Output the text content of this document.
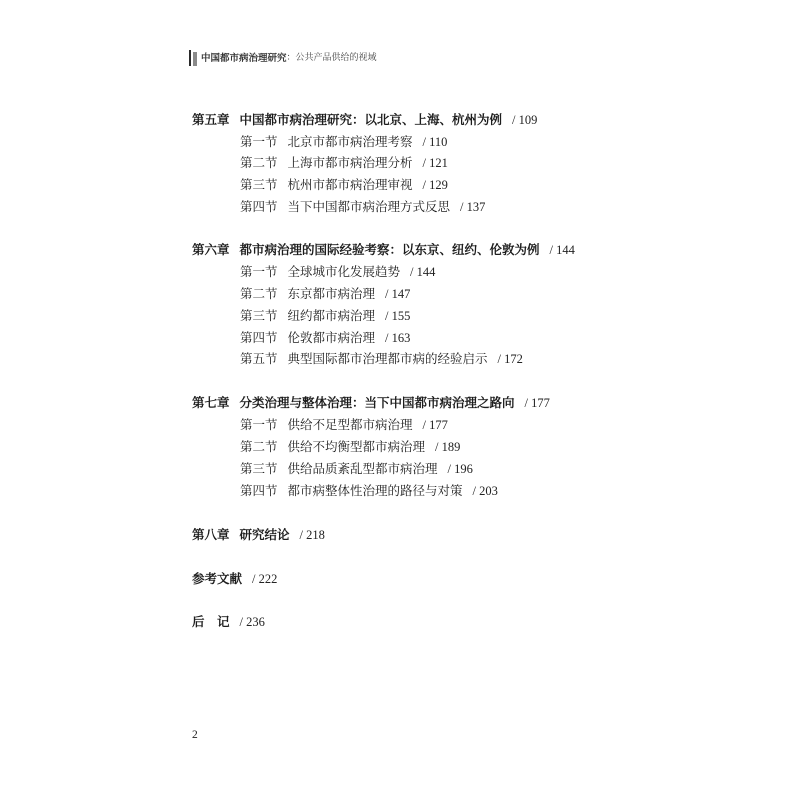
$^{中国都市病治理研究:公共产品供给的视域}$
第五章 中国都市病治理研究：以北京、上海、杭州为例 / 109
第一节 北京市都市病治理考察 / 110
第二节 上海市都市病治理分析 / 121
第三节 杭州市都市病治理审视 / 129
第四节 当下中国都市病治理方式反思 / 137
第六章 都市病治理的国际经验考察：以东京、纽约、伦敦为例 / 144
第一节 全球城市化发展趋势 / 144
第二节 东京都市病治理 / 147
第三节 纽约都市病治理 / 155
第四节 伦敦都市病治理 / 163
第五节 典型国际都市治理都市病的经验启示 / 172
第七章 分类治理与整体治理：当下中国都市病治理之路向 / 177
第一节 供给不足型都市病治理 / 177
第二节 供给不均衡型都市病治理 / 189
第三节 供给品质紊乱型都市病治理 / 196
第四节 都市病整体性治理的路径与对策 / 203
第八章 研究结论 / 218
参考文献 / 222
后　记 / 236
2
